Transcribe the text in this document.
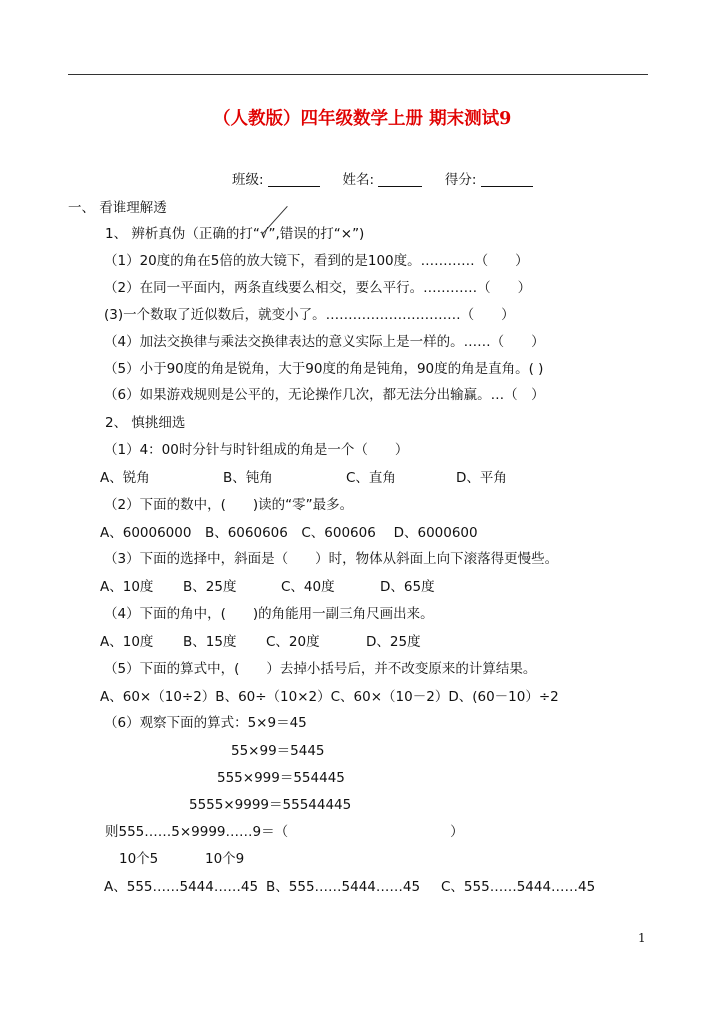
（人教版）四年级数学上册 期末测试9
班级:	姓名:	得分:
一、 看谁理解透
1、 辨析真伪（正确的打“√”,错误的打“×”)
（1）20度的角在5倍的放大镜下，看到的是100度。…………（　　）
（2）在同一平面内，两条直线要么相交，要么平行。…………（　　）
(3)一个数取了近似数后，就变小了。…………………………（　　）
（4）加法交换律与乘法交换律表达的意义实际上是一样的。……（　　）
（5）小于90度的角是锐角，大于90度的角是钝角，90度的角是直角。( )
（6）如果游戏规则是公平的，无论操作几次，都无法分出输赢。…（　）
2、 慎挑细选
（1）4：00时分针与时针组成的角是一个（　　）
A、锐角	B、钝角	C、直角	D、平角
（2）下面的数中，(　　)读的“零”最多。
A、60006000　B、6060606　C、600606　 D、6000600
（3）下面的选择中，斜面是（　　）时，物体从斜面上向下滚落得更慢些。
A、10度 B、25度	C、40度	D、65度
（4）下面的角中，(　　)的角能用一副三角尺画出来。
A、10度 B、15度 C、20度	D、25度
（5）下面的算式中，(　　）去掉小括号后，并不改变原来的计算结果。
A、60×（10÷2）B、60÷（10×2）C、60×（10－2）D、(60－10）÷2
（6）观察下面的算式：5×9＝45
55×99＝5445
555×999＝554445
5555×9999＝55544445
则555……5×9999……9＝（　　　　　　　　　　　　）
10个5	10个9
A、555……5444……45 B、555……5444……45 C、555……5444……45
1
